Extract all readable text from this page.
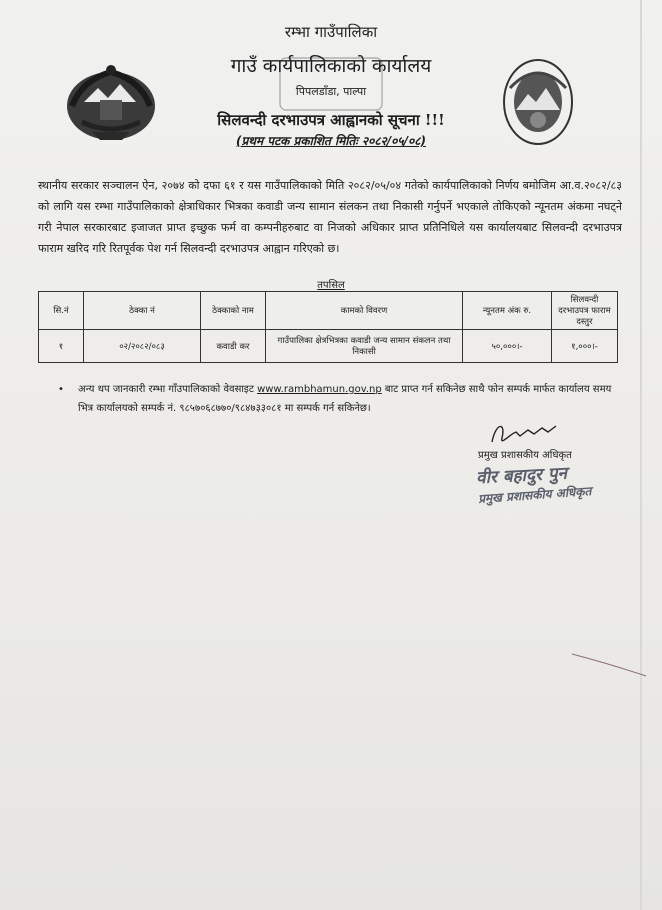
रम्भा गाउँपालिका
गाउँ कार्यपालिकाको कार्यालय
पिपलडाँडा, पाल्पा
सिलवन्दी दरभाउपत्र आह्वानको सूचना !!!
(प्रथम पटक प्रकाशित मितिः २०८२/०५/०८)
स्थानीय सरकार सञ्चालन ऐन, २०७४ को दफा ६१ र यस गाउँपालिकाको मिति २०८२/०५/०४ गतेको कार्यपालिकाको निर्णय बमोजिम आ.व.२०८२/८३ को लागि यस रम्भा गाउँपालिकाको क्षेत्राधिकार भित्रका कवाडी जन्य सामान संलकन तथा निकासी गर्नुपर्ने भएकाले तोकिएको न्यूनतम अंकमा नघट्ने गरी नेपाल सरकारबाट इजाजत प्राप्त इच्छुक फर्म वा कम्पनीहरुबाट वा निजको अधिकार प्राप्त प्रतिनिधिले यस कार्यालयबाट सिलवन्दी दरभाउपत्र फाराम खरिद गरि रितपूर्वक पेश गर्न सिलवन्दी दरभाउपत्र आह्वान गरिएको छ।
तपसिल
सि.नं	ठेक्का नं	ठेक्काको नाम	कामको विवरण	न्यूनतम अंक रु.	सिलवन्दी दरभाउपत्र फाराम दस्तुर
१	०२/२०८२/०८३	कवाडी कर	गाउँपालिका क्षेत्रभित्रका कवाडी जन्य सामान संकलन तथा निकासी	५०,०००।-	१,०००।-
• अन्य थप जानकारी रम्भा गाँउपालिकाको वेवसाइट www.rambhamun.gov.np बाट प्राप्त गर्न सकिनेछ साथै फोन सम्पर्क मार्फत कार्यालय समय भित्र कार्यालयको सम्पर्क नं. ९८५७०६८७७०/९८४७३३०८१ मा सम्पर्क गर्न सकिनेछ।
प्रमुख प्रशासकीय अधिकृत
वीर बहादुर पुन
प्रमुख प्रशासकीय अधिकृत
